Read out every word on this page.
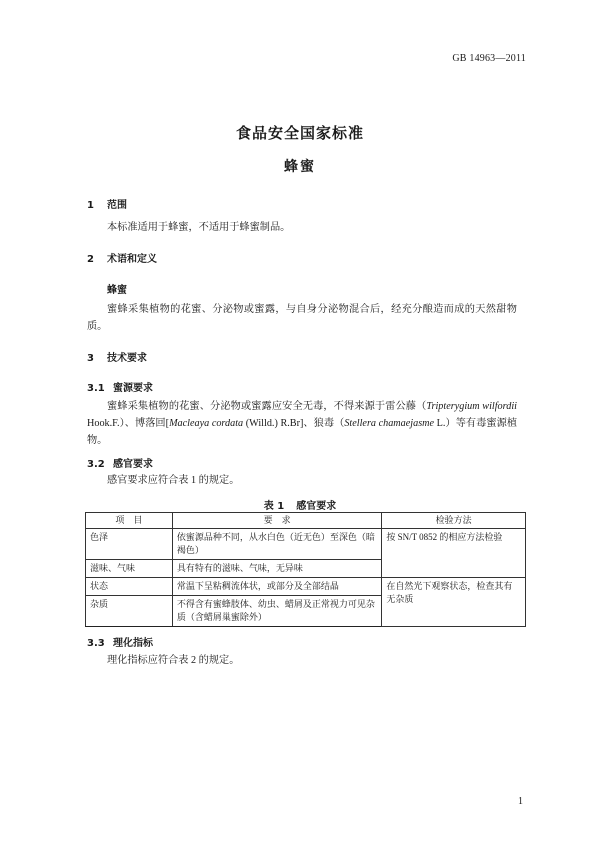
GB 14963—2011
食品安全国家标准
蜂蜜
1 范围
本标准适用于蜂蜜，不适用于蜂蜜制品。
2 术语和定义
蜂蜜
蜜蜂采集植物的花蜜、分泌物或蜜露，与自身分泌物混合后，经充分酿造而成的天然甜物质。
3 技术要求
3.1 蜜源要求
蜜蜂采集植物的花蜜、分泌物或蜜露应安全无毒，不得来源于雷公藤（Tripterygium wilfordii Hook.F.）、博落回[Macleaya cordata (Willd.) R.Br]、狼毒（Stellera chamaejasme L.）等有毒蜜源植物。
3.2 感官要求
感官要求应符合表 1 的规定。
表 1 感官要求
项　目	要　求	检验方法
色泽	依蜜源品种不同，从水白色（近无色）至深色（暗褐色）	按 SN/T 0852 的相应方法检验
滋味、气味	具有特有的滋味、气味，无异味	
状态	常温下呈粘稠流体状，或部分及全部结晶	在自然光下观察状态，检查其有无杂质
杂质	不得含有蜜蜂肢体、幼虫、蜡屑及正常视力可见杂质（含蜡屑巢蜜除外）	
3.3 理化指标
理化指标应符合表 2 的规定。
1
